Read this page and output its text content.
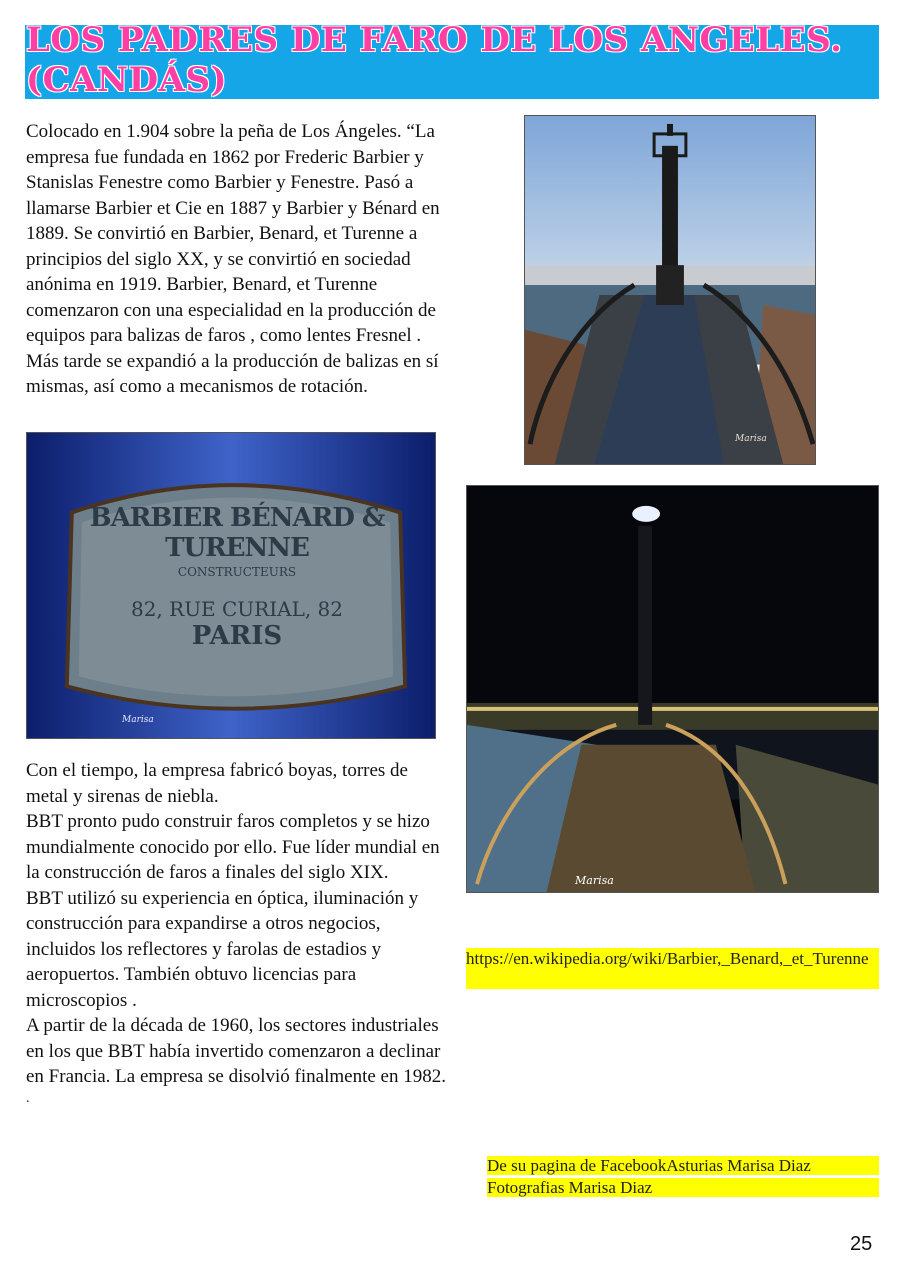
LOS PADRES DE FARO DE LOS ANGELES. (CANDÁS)

Colocado en 1.904 sobre la peña de Los Ángeles. “La empresa fue fundada en 1862 por Frederic Barbier y Stanislas Fenestre como Barbier y Fenestre. Pasó a llamarse Barbier et Cie en 1887 y Barbier y Bénard en 1889. Se convirtió en Barbier, Benard, et Turenne a principios del siglo XX, y se convirtió en sociedad anónima en 1919. Barbier, Benard, et Turenne comenzaron con una especialidad en la producción de equipos para balizas de faros , como lentes Fresnel . Más tarde se expandió a la producción de balizas en sí mismas, así como a mecanismos de rotación.

Marisa
BARBIER BÉNARD & TURENNE
CONSTRUCTEURS
82, RUE CURIAL, 82
PARIS
Marisa
Marisa

Con el tiempo, la empresa fabricó boyas, torres de metal y sirenas de niebla.

BBT pronto pudo construir faros completos y se hizo mundialmente conocido por ello. Fue líder mundial en la construcción de faros a finales del siglo XIX.

BBT utilizó su experiencia en óptica, iluminación y construcción para expandirse a otros negocios, incluidos los reflectores y farolas de estadios y aeropuertos. También obtuvo licencias para microscopios .

A partir de la década de 1960, los sectores industriales en los que BBT había invertido comenzaron a declinar en Francia. La empresa se disolvió finalmente en 1982.

.

https://en.wikipedia.org/wiki/Barbier,_Benard,_et_Turenne
De su pagina de FacebookAsturias Marisa Diaz
Fotografias Marisa Diaz
25
